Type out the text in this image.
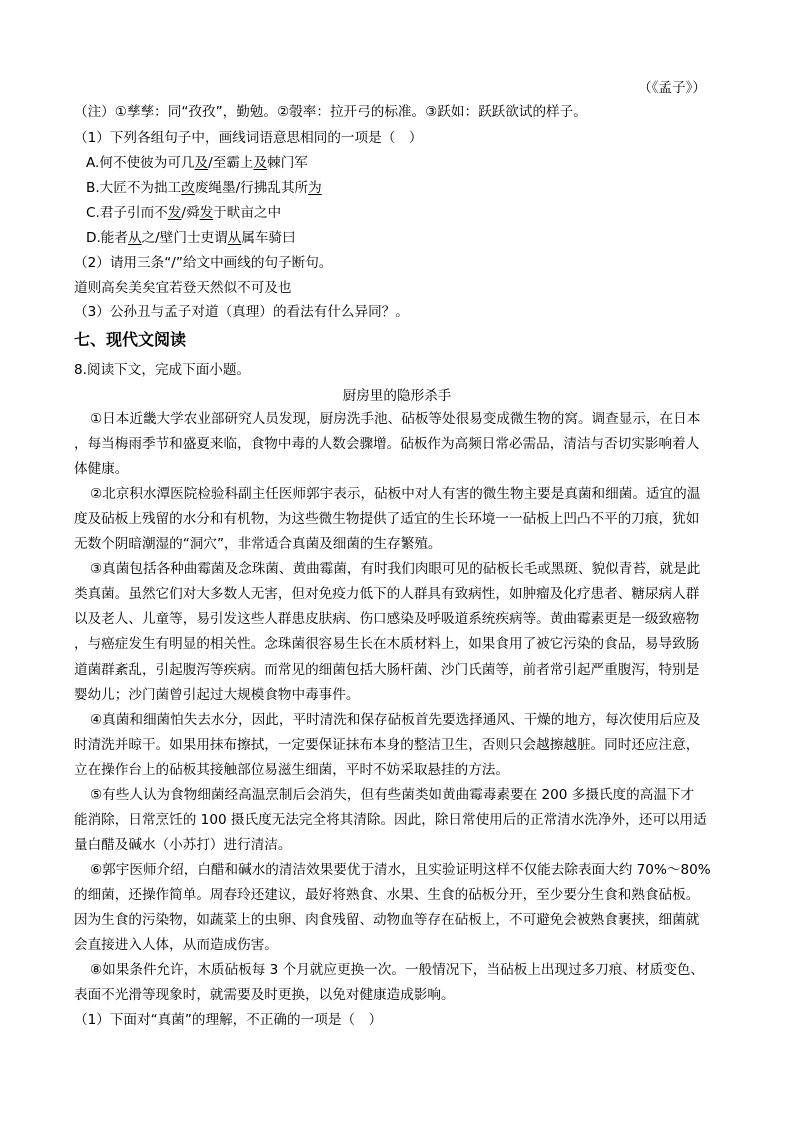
（《孟子》）
（注）①孳孳：同“孜孜”，勤勉。②彀率：拉开弓的标准。③跃如：跃跃欲试的样子。
（1）下列各组句子中，画线词语意思相同的一项是（　）
A.何不使彼为可几及/至霸上及棘门军
B.大匠不为拙工改废绳墨/行拂乱其所为
C.君子引而不发/舜发于畎亩之中
D.能者从之/壁门士吏谓从属车骑曰
（2）请用三条“/”给文中画线的句子断句。
道则高矣美矣宜若登天然似不可及也
（3）公孙丑与孟子对道（真理）的看法有什么异同？。
七、现代文阅读
8.阅读下文，完成下面小题。
厨房里的隐形杀手
①日本近畿大学农业部研究人员发现，厨房洗手池、砧板等处很易变成微生物的窝。调查显示，在日本
，每当梅雨季节和盛夏来临，食物中毒的人数会骤增。砧板作为高频日常必需品，清洁与否切实影响着人
体健康。
②北京积水潭医院检验科副主任医师郭宇表示，砧板中对人有害的微生物主要是真菌和细菌。适宜的温
度及砧板上残留的水分和有机物，为这些微生物提供了适宜的生长环境一一砧板上凹凸不平的刀痕，犹如
无数个阴暗潮湿的“洞穴”，非常适合真菌及细菌的生存繁殖。
③真菌包括各种曲霉菌及念珠菌、黄曲霉菌，有时我们肉眼可见的砧板长毛或黑斑、貌似青苔，就是此
类真菌。虽然它们对大多数人无害，但对免疫力低下的人群具有致病性，如肿瘤及化疗患者、糖尿病人群
以及老人、儿童等，易引发这些人群患皮肤病、伤口感染及呼吸道系统疾病等。黄曲霉素更是一级致癌物
，与癌症发生有明显的相关性。念珠菌很容易生长在木质材料上，如果食用了被它污染的食品，易导致肠
道菌群紊乱，引起腹泻等疾病。而常见的细菌包括大肠杆菌、沙门氏菌等，前者常引起严重腹泻，特别是
婴幼儿；沙门菌曾引起过大规模食物中毒事件。
④真菌和细菌怕失去水分，因此，平时清洗和保存砧板首先要选择通风、干燥的地方，每次使用后应及
时清洗并晾干。如果用抹布擦拭，一定要保证抹布本身的整洁卫生，否则只会越擦越脏。同时还应注意，
立在操作台上的砧板其接触部位易滋生细菌，平时不妨采取悬挂的方法。
⑤有些人认为食物细菌经高温烹制后会消失，但有些菌类如黄曲霉毒素要在 200 多摄氏度的高温下才
能消除，日常烹饪的 100 摄氏度无法完全将其清除。因此，除日常使用后的正常清水洗净外，还可以用适
量白醋及碱水（小苏打）进行清洁。
⑥郭宇医师介绍，白醋和碱水的清洁效果要优于清水，且实验证明这样不仅能去除表面大约 70%～80%
的细菌，还操作简单。周春玲还建议，最好将熟食、水果、生食的砧板分开，至少要分生食和熟食砧板。
因为生食的污染物，如蔬菜上的虫卵、肉食残留、动物血等存在砧板上，不可避免会被熟食裹挟，细菌就
会直接进入人体，从而造成伤害。
⑧如果条件允许，木质砧板每 3 个月就应更换一次。一般情况下，当砧板上出现过多刀痕、材质变色、
表面不光滑等现象时，就需要及时更换，以免对健康造成影响。
（1）下面对“真菌”的理解，不正确的一项是（　）
